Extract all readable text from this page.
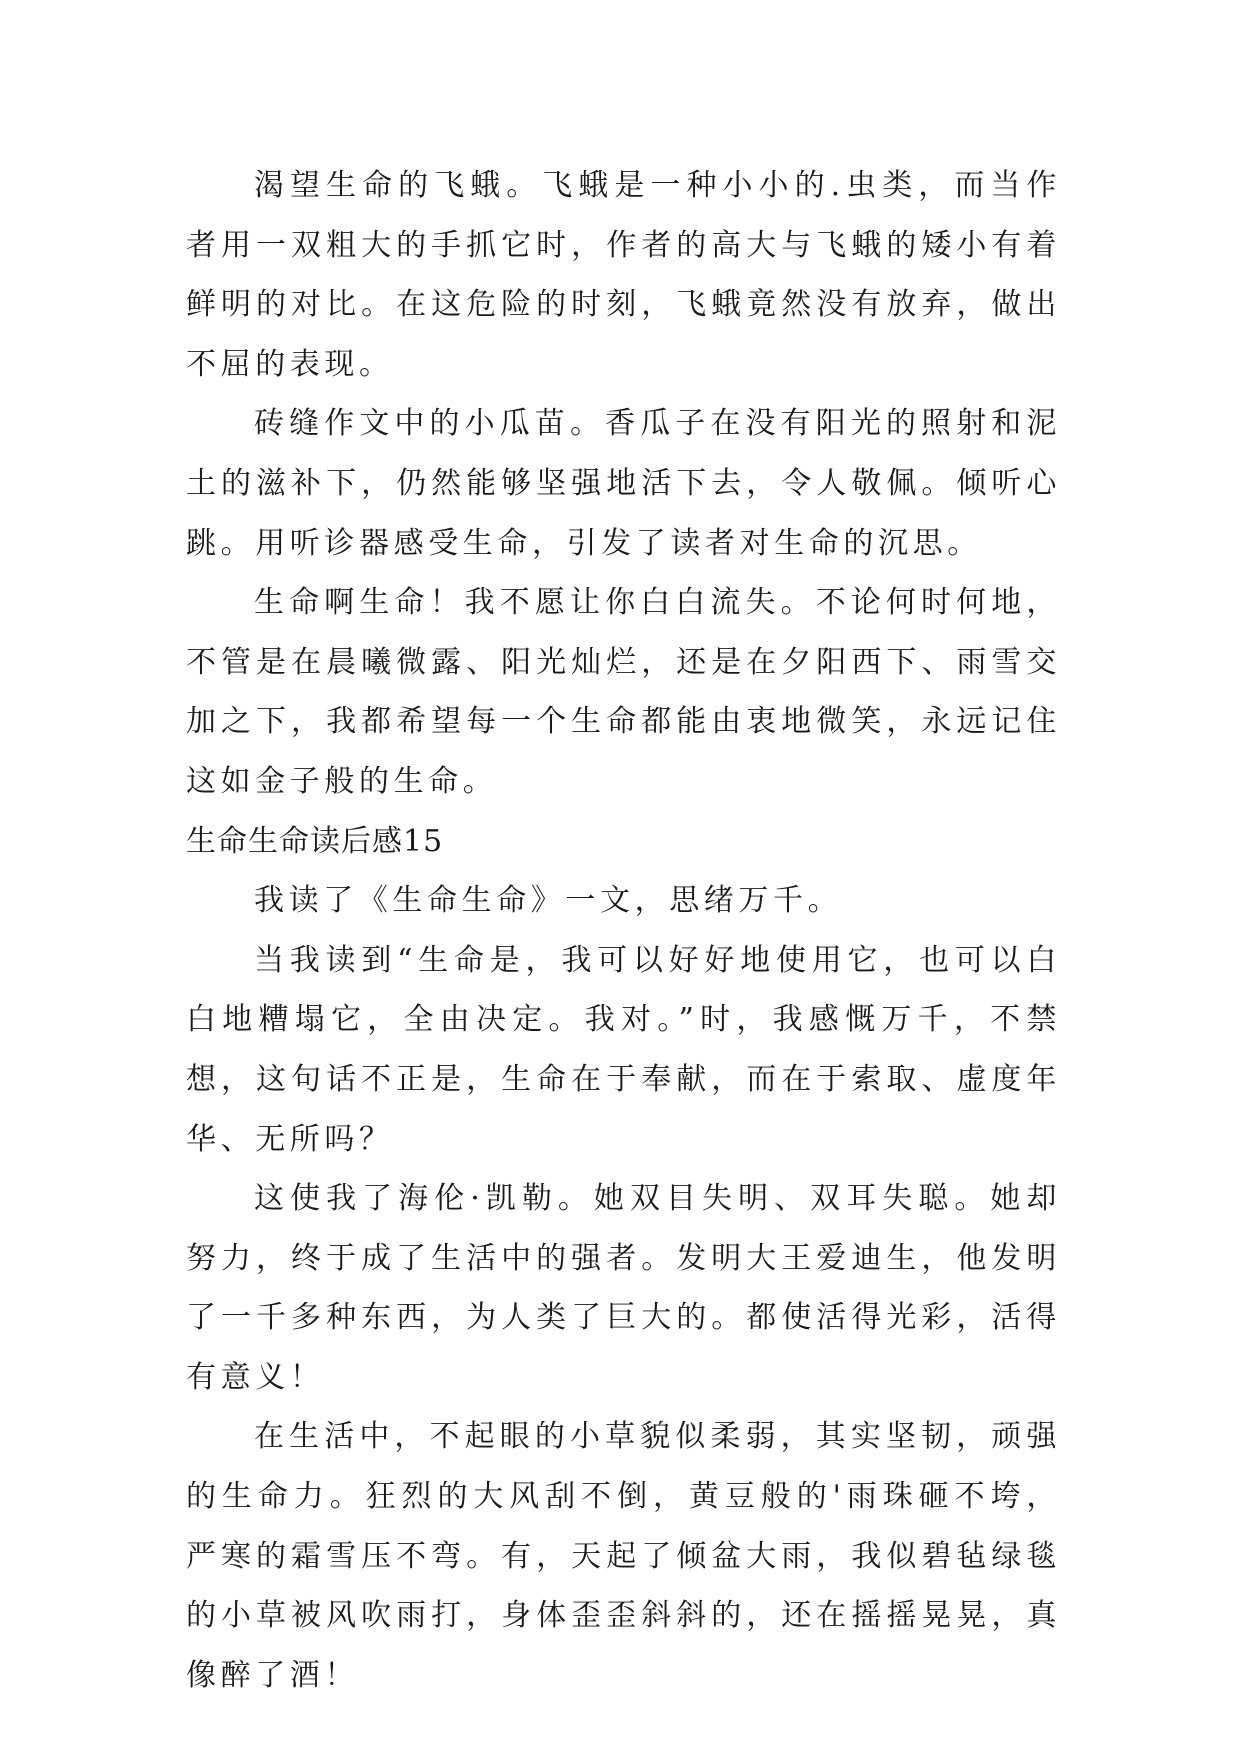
渴望生命的飞蛾。飞蛾是一种小小的.虫类，而当作者用一双粗大的手抓它时，作者的高大与飞蛾的矮小有着鲜明的对比。在这危险的时刻，飞蛾竟然没有放弃，做出不屈的表现。

砖缝作文中的小瓜苗。香瓜子在没有阳光的照射和泥土的滋补下，仍然能够坚强地活下去，令人敬佩。倾听心跳。用听诊器感受生命，引发了读者对生命的沉思。

生命啊生命！我不愿让你白白流失。不论何时何地，不管是在晨曦微露、阳光灿烂，还是在夕阳西下、雨雪交加之下，我都希望每一个生命都能由衷地微笑，永远记住这如金子般的生命。

生命生命读后感15

我读了《生命生命》一文，思绪万千。

当我读到“生命是，我可以好好地使用它，也可以白白地糟塌它，全由决定。我对。”时，我感慨万千，不禁想，这句话不正是，生命在于奉献，而在于索取、虚度年华、无所吗？

这使我了海伦·凯勒。她双目失明、双耳失聪。她却努力，终于成了生活中的强者。发明大王爱迪生，他发明了一千多种东西，为人类了巨大的。都使活得光彩，活得有意义！

在生活中，不起眼的小草貌似柔弱，其实坚韧，顽强的生命力。狂烈的大风刮不倒，黄豆般的'雨珠砸不垮，严寒的霜雪压不弯。有，天起了倾盆大雨，我似碧毡绿毯的小草被风吹雨打，身体歪歪斜斜的，还在摇摇晃晃，真像醉了酒！
